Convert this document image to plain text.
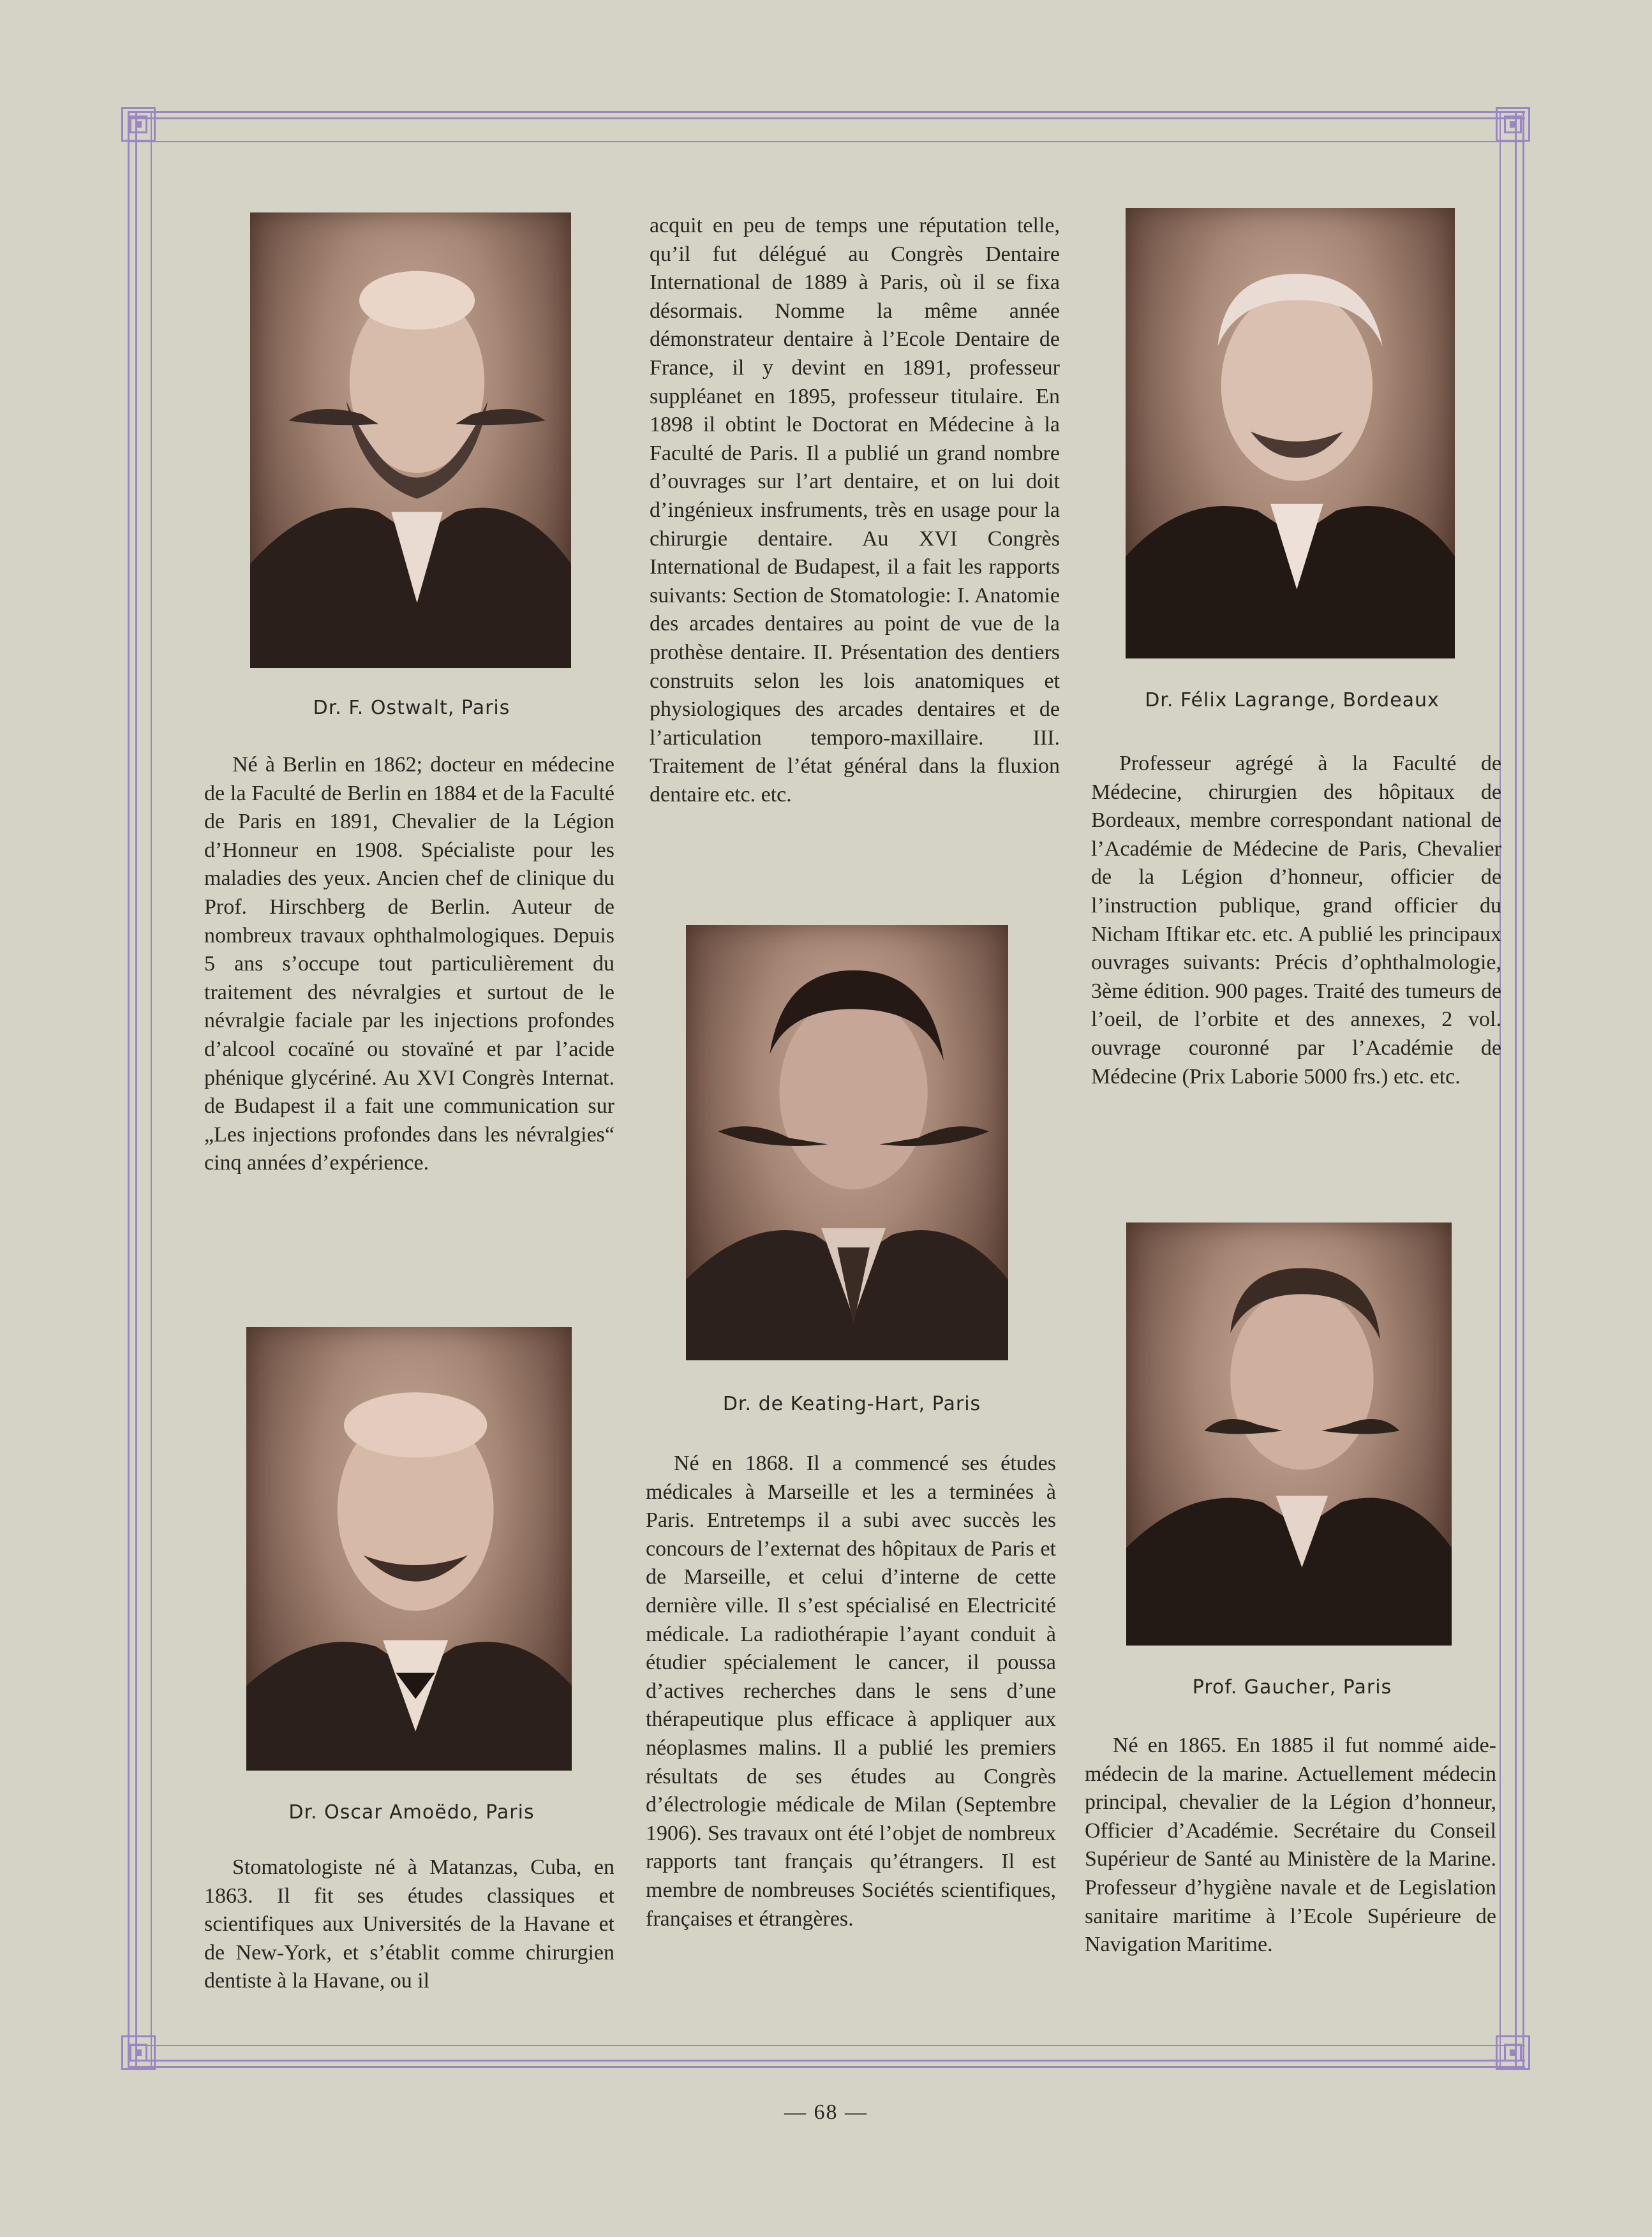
Dr. F. Ostwalt, Paris

Né à Berlin en 1862; docteur en médecine de la Faculté de Berlin en 1884 et de la Faculté de Paris en 1891, Chevalier de la Légion d’Honneur en 1908. Spécialiste pour les maladies des yeux. Ancien chef de clinique du Prof. Hirschberg de Berlin. Auteur de nombreux travaux ophthalmologiques. Depuis 5 ans s’occupe tout particulièrement du traitement des névralgies et surtout de le névralgie faciale par les injections profondes d’alcool cocaïné ou stovaïné et par l’acide phénique glycériné. Au XVI Congrès Internat. de Budapest il a fait une communication sur „Les injections profondes dans les névralgies“ cinq années d’expérience.

Dr. Oscar Amoëdo, Paris

Stomatologiste né à Matanzas, Cuba, en 1863. Il fit ses études classiques et scientifiques aux Universités de la Havane et de New-York, et s’établit comme chirurgien dentiste à la Havane, ou il

acquit en peu de temps une réputation telle, qu’il fut délégué au Congrès Dentaire International de 1889 à Paris, où il se fixa désormais. Nomme la même année démonstrateur dentaire à l’Ecole Dentaire de France, il y devint en 1891, professeur suppléanet en 1895, professeur titulaire. En 1898 il obtint le Doctorat en Médecine à la Faculté de Paris. Il a publié un grand nombre d’ouvrages sur l’art dentaire, et on lui doit d’ingénieux insfruments, très en usage pour la chirurgie dentaire. Au XVI Congrès International de Budapest, il a fait les rapports suivants: Section de Stomatologie: I. Anatomie des arcades dentaires au point de vue de la prothèse dentaire. II. Présentation des dentiers construits selon les lois anatomiques et physiologiques des arcades dentaires et de l’articulation temporo-maxillaire. III. Traitement de l’état général dans la fluxion dentaire etc. etc.

Dr. de Keating-Hart, Paris

Né en 1868. Il a commencé ses études médicales à Marseille et les a terminées à Paris. Entretemps il a subi avec succès les concours de l’externat des hôpitaux de Paris et de Marseille, et celui d’interne de cette dernière ville. Il s’est spécialisé en Electricité médicale. La radiothérapie l’ayant conduit à étudier spécialement le cancer, il poussa d’actives recherches dans le sens d’une thérapeutique plus efficace à appliquer aux néoplasmes malins. Il a publié les premiers résultats de ses études au Congrès d’électrologie médicale de Milan (Septembre 1906). Ses travaux ont été l’objet de nombreux rapports tant français qu’étrangers. Il est membre de nombreuses Sociétés scientifiques, françaises et étrangères.

Dr. Félix Lagrange, Bordeaux

Professeur agrégé à la Faculté de Médecine, chirurgien des hôpitaux de Bordeaux, membre correspondant national de l’Académie de Médecine de Paris, Chevalier de la Légion d’honneur, officier de l’instruction publique, grand officier du Nicham Iftikar etc. etc. A publié les principaux ouvrages suivants: Précis d’ophthalmologie, 3ème édition. 900 pages. Traité des tumeurs de l’oeil, de l’orbite et des annexes, 2 vol. ouvrage couronné par l’Académie de Médecine (Prix Laborie 5000 frs.) etc. etc.

Prof. Gaucher, Paris

Né en 1865. En 1885 il fut nommé aide-médecin de la marine. Actuellement médecin principal, chevalier de la Légion d’honneur, Officier d’Académie. Secrétaire du Conseil Supérieur de Santé au Ministère de la Marine. Professeur d’hygiène navale et de Legislation sanitaire maritime à l’Ecole Supérieure de Navigation Maritime.

— 68 —
